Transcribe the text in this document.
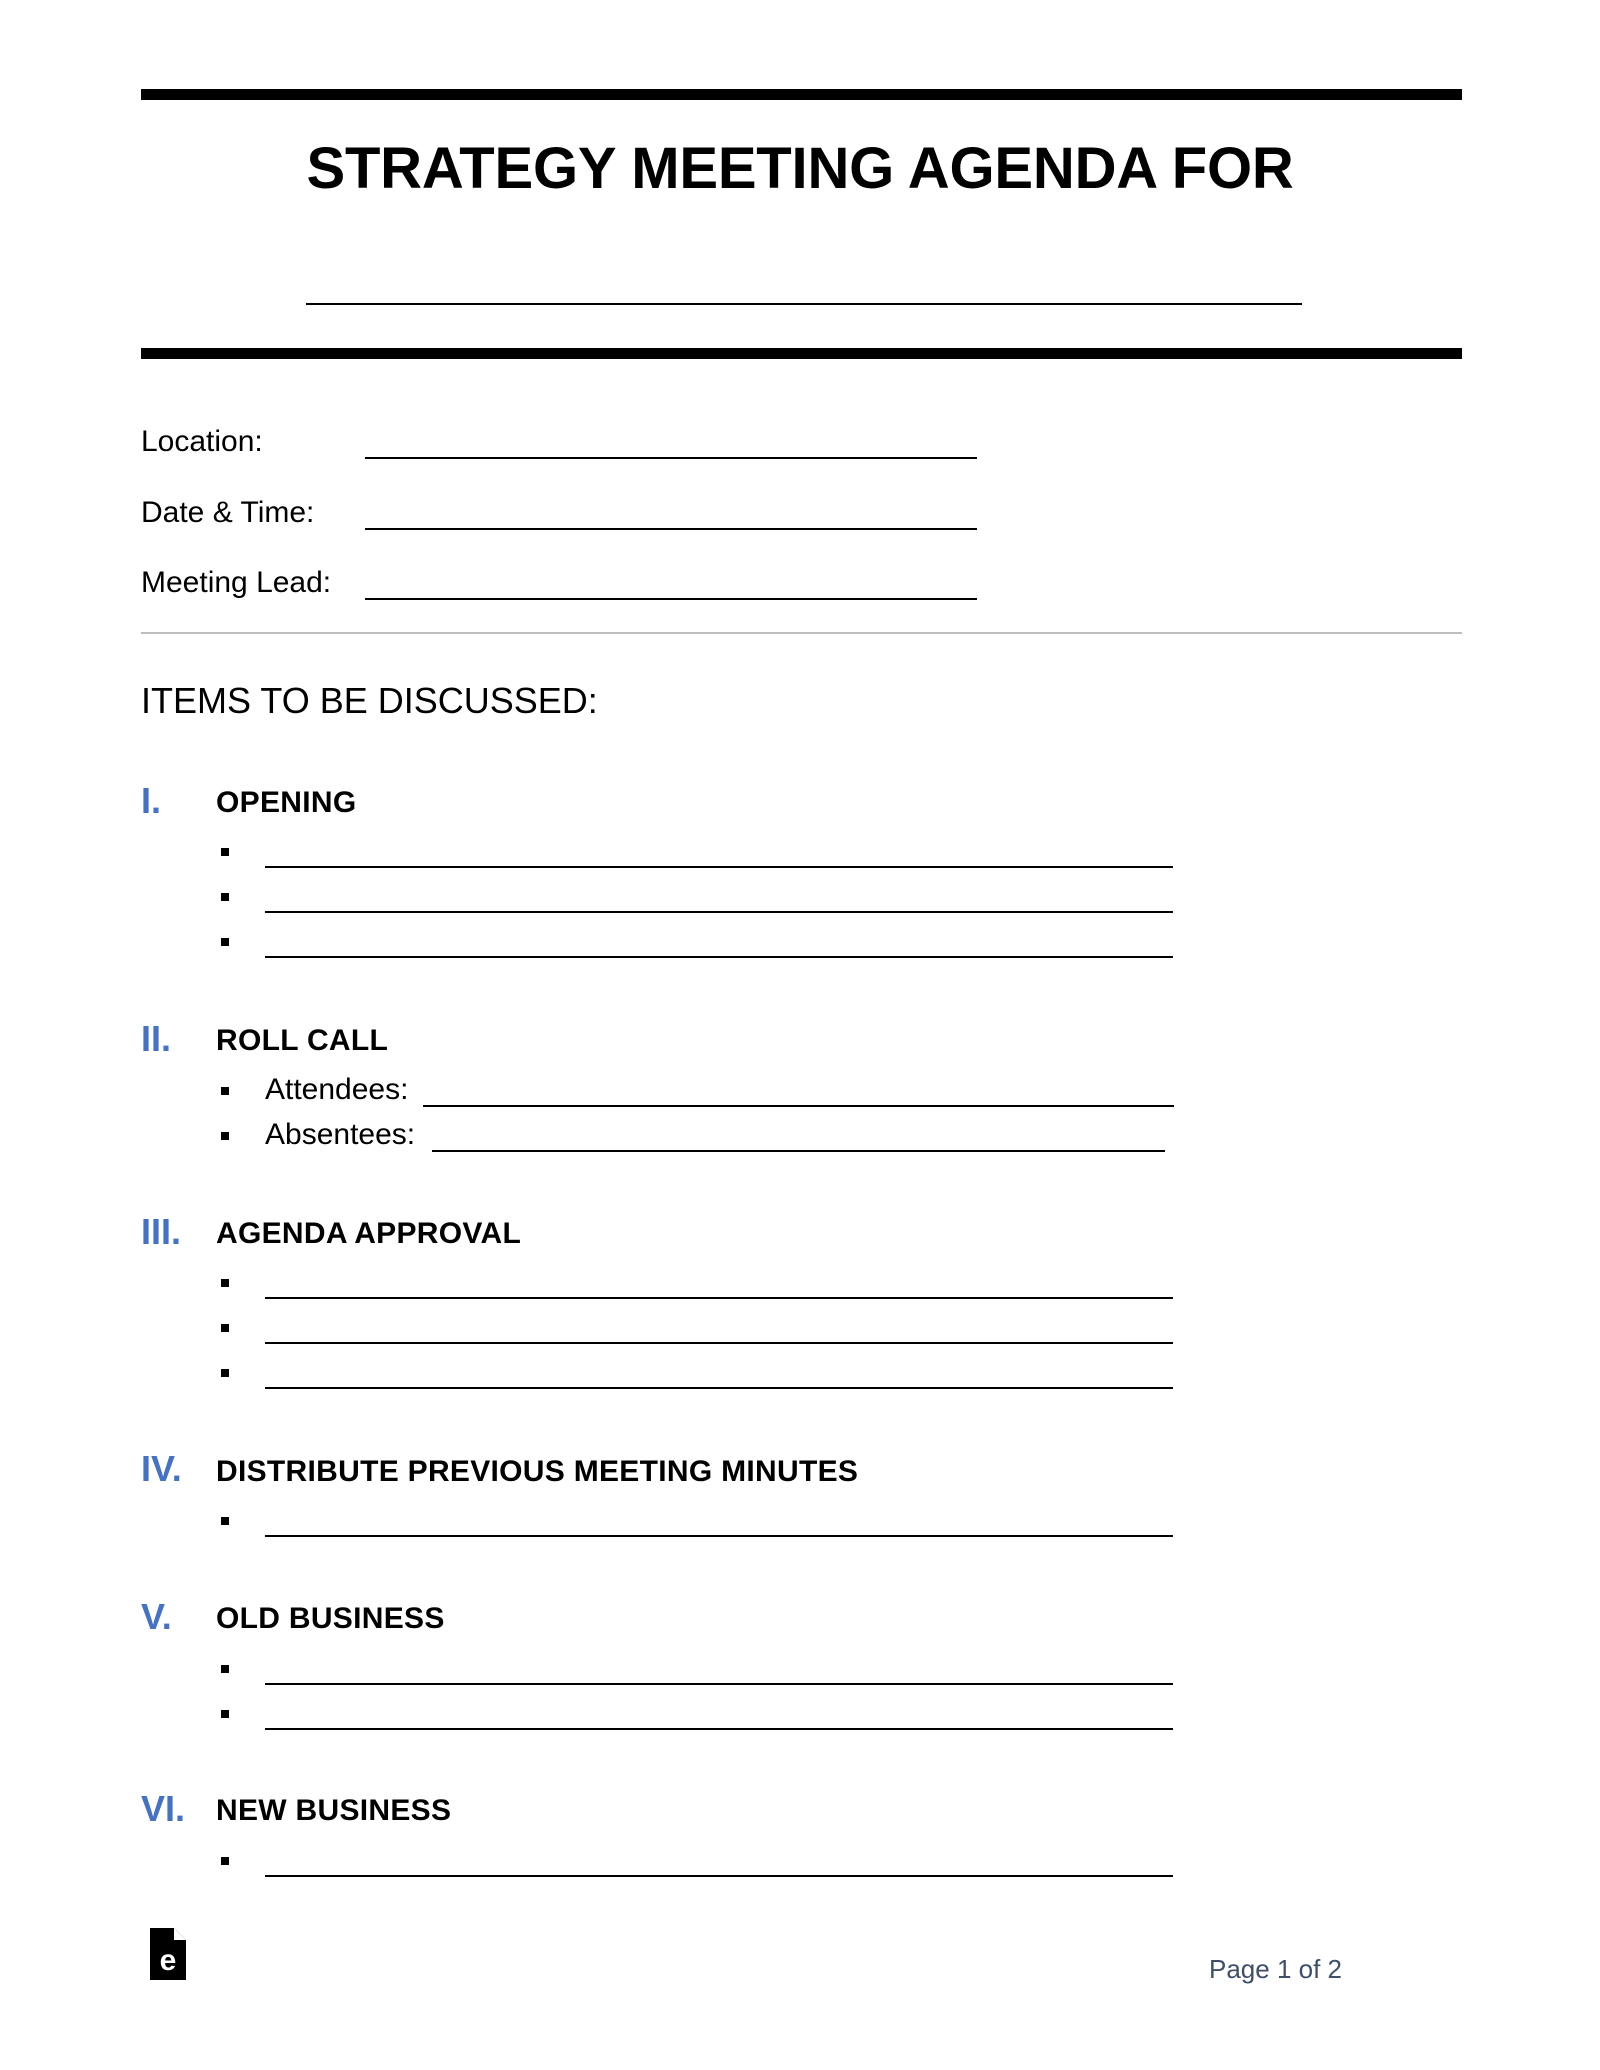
STRATEGY MEETING AGENDA FOR
Location:
Date & Time:
Meeting Lead:
ITEMS TO BE DISCUSSED:
I. OPENING
II. ROLL CALL
Attendees:
Absentees:
III. AGENDA APPROVAL
IV. DISTRIBUTE PREVIOUS MEETING MINUTES
V. OLD BUSINESS
VI. NEW BUSINESS
e	Page 1 of 2
